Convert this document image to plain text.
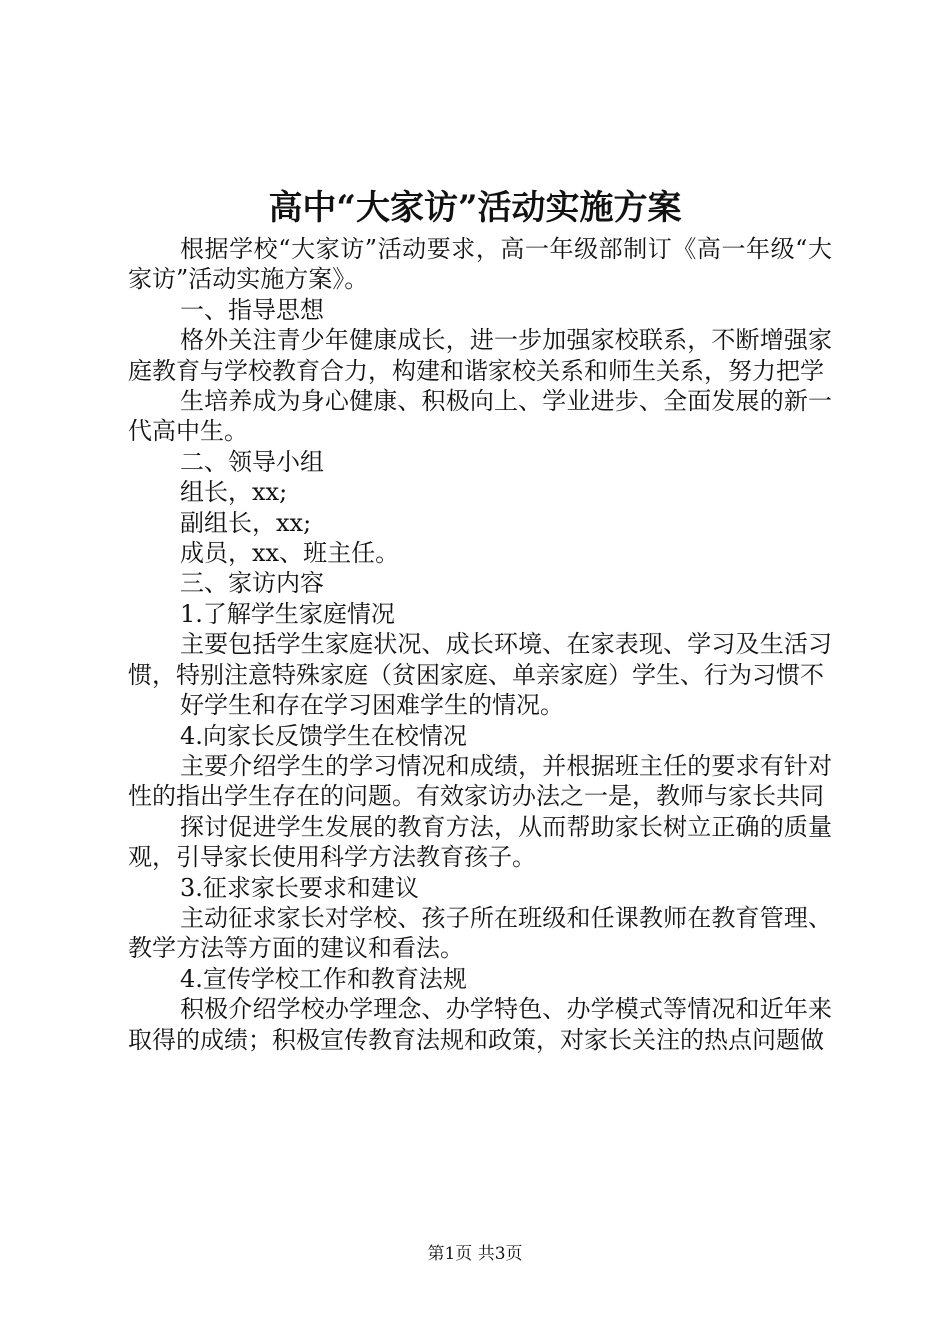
高中“大家访”活动实施方案

根据学校“大家访”活动要求，高一年级部制订《高一年级“大家访”活动实施方案》。

一、指导思想

格外关注青少年健康成长，进一步加强家校联系，不断增强家庭教育与学校教育合力，构建和谐家校关系和师生关系，努力把学

生培养成为身心健康、积极向上、学业进步、全面发展的新一代高中生。

二、领导小组

组长，xx;

副组长，xx;

成员，xx、班主任。

三、家访内容

1.了解学生家庭情况

主要包括学生家庭状况、成长环境、在家表现、学习及生活习惯，特别注意特殊家庭（贫困家庭、单亲家庭）学生、行为习惯不

好学生和存在学习困难学生的情况。

4.向家长反馈学生在校情况

主要介绍学生的学习情况和成绩，并根据班主任的要求有针对性的指出学生存在的问题。有效家访办法之一是，教师与家长共同

探讨促进学生发展的教育方法，从而帮助家长树立正确的质量观，引导家长使用科学方法教育孩子。

3.征求家长要求和建议

主动征求家长对学校、孩子所在班级和任课教师在教育管理、教学方法等方面的建议和看法。

4.宣传学校工作和教育法规

积极介绍学校办学理念、办学特色、办学模式等情况和近年来取得的成绩；积极宣传教育法规和政策，对家长关注的热点问题做

第1页 共3页
